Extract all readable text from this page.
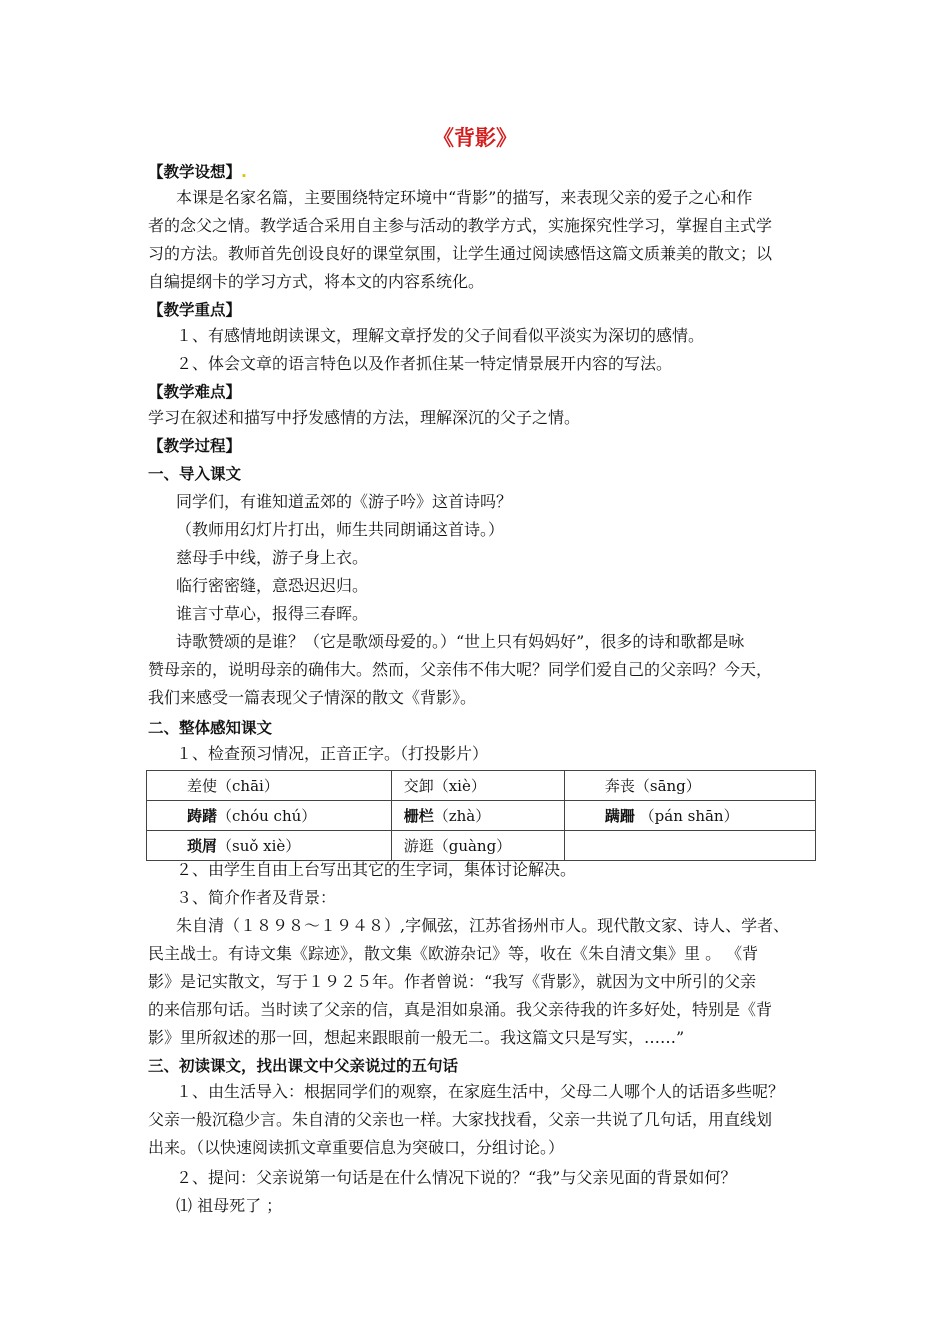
《背影》
【教学设想】.
本课是名家名篇，主要围绕特定环境中“背影”的描写，来表现父亲的爱子之心和作
者的念父之情。教学适合采用自主参与活动的教学方式，实施探究性学习，掌握自主式学
习的方法。教师首先创设良好的课堂氛围，让学生通过阅读感悟这篇文质兼美的散文；以
自编提纲卡的学习方式，将本文的内容系统化。
【教学重点】
１、有感情地朗读课文，理解文章抒发的父子间看似平淡实为深切的感情。
２、体会文章的语言特色以及作者抓住某一特定情景展开内容的写法。
【教学难点】
学习在叙述和描写中抒发感情的方法，理解深沉的父子之情。
【教学过程】
一、导入课文
同学们，有谁知道孟郊的《游子吟》这首诗吗？
（教师用幻灯片打出，师生共同朗诵这首诗。）
慈母手中线，游子身上衣。
临行密密缝，意恐迟迟归。
谁言寸草心，报得三春晖。
诗歌赞颂的是谁？（它是歌颂母爱的。）“世上只有妈妈好”，很多的诗和歌都是咏
赞母亲的，说明母亲的确伟大。然而，父亲伟不伟大呢？同学们爱自己的父亲吗？今天，
我们来感受一篇表现父子情深的散文《背影》。
二、整体感知课文
１、检查预习情况，正音正字。（打投影片）
差使（chāi）	交卸（xiè）	奔丧（sāng）
踌躇（chóu chú）	栅栏（zhà）	蹒跚 （pán shān）
琐屑（suǒ xiè）	游逛（guàng）	
２、由学生自由上台写出其它的生字词，集体讨论解决。
３、简介作者及背景：
朱自清（１８９８～１９４８）,字佩弦，江苏省扬州市人。现代散文家、诗人、学者、
民主战士。有诗文集《踪迹》，散文集《欧游杂记》等，收在《朱自清文集》里 。 《背
影》是记实散文，写于１９２５年。作者曾说：“我写《背影》，就因为文中所引的父亲
的来信那句话。当时读了父亲的信，真是泪如泉涌。我父亲待我的许多好处，特别是《背
影》里所叙述的那一回，想起来跟眼前一般无二。我这篇文只是写实，……”
三、初读课文，找出课文中父亲说过的五句话
１、由生活导入：根据同学们的观察，在家庭生活中，父母二人哪个人的话语多些呢？
父亲一般沉稳少言。朱自清的父亲也一样。大家找找看，父亲一共说了几句话，用直线划
出来。（以快速阅读抓文章重要信息为突破口，分组讨论。）
２、提问：父亲说第一句话是在什么情况下说的？“我”与父亲见面的背景如何？
⑴ 祖母死了 ；
